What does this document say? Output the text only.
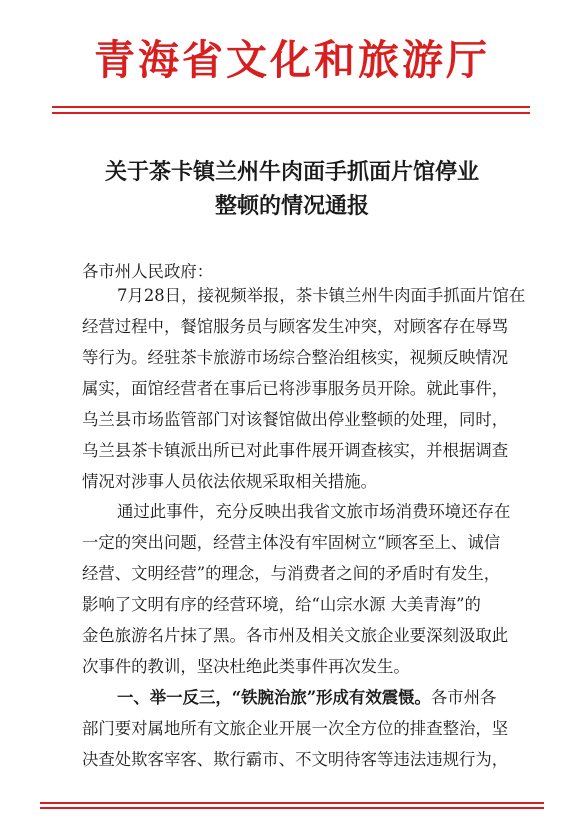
青海省文化和旅游厅
关于茶卡镇兰州牛肉面手抓面片馆停业
整顿的情况通报
各市州人民政府：
7月28日，接视频举报，茶卡镇兰州牛肉面手抓面片馆在
经营过程中，餐馆服务员与顾客发生冲突，对顾客存在辱骂
等行为。经驻茶卡旅游市场综合整治组核实，视频反映情况
属实，面馆经营者在事后已将涉事服务员开除。就此事件，
乌兰县市场监管部门对该餐馆做出停业整顿的处理，同时，
乌兰县茶卡镇派出所已对此事件展开调查核实，并根据调查
情况对涉事人员依法依规采取相关措施。
通过此事件，充分反映出我省文旅市场消费环境还存在
一定的突出问题，经营主体没有牢固树立“顾客至上、诚信
经营、文明经营”的理念，与消费者之间的矛盾时有发生，
影响了文明有序的经营环境，给“山宗水源 大美青海”的
金色旅游名片抹了黑。各市州及相关文旅企业要深刻汲取此
次事件的教训，坚决杜绝此类事件再次发生。
一、举一反三，“铁腕治旅”形成有效震慑。各市州各
部门要对属地所有文旅企业开展一次全方位的排查整治，坚
决查处欺客宰客、欺行霸市、不文明待客等违法违规行为，
